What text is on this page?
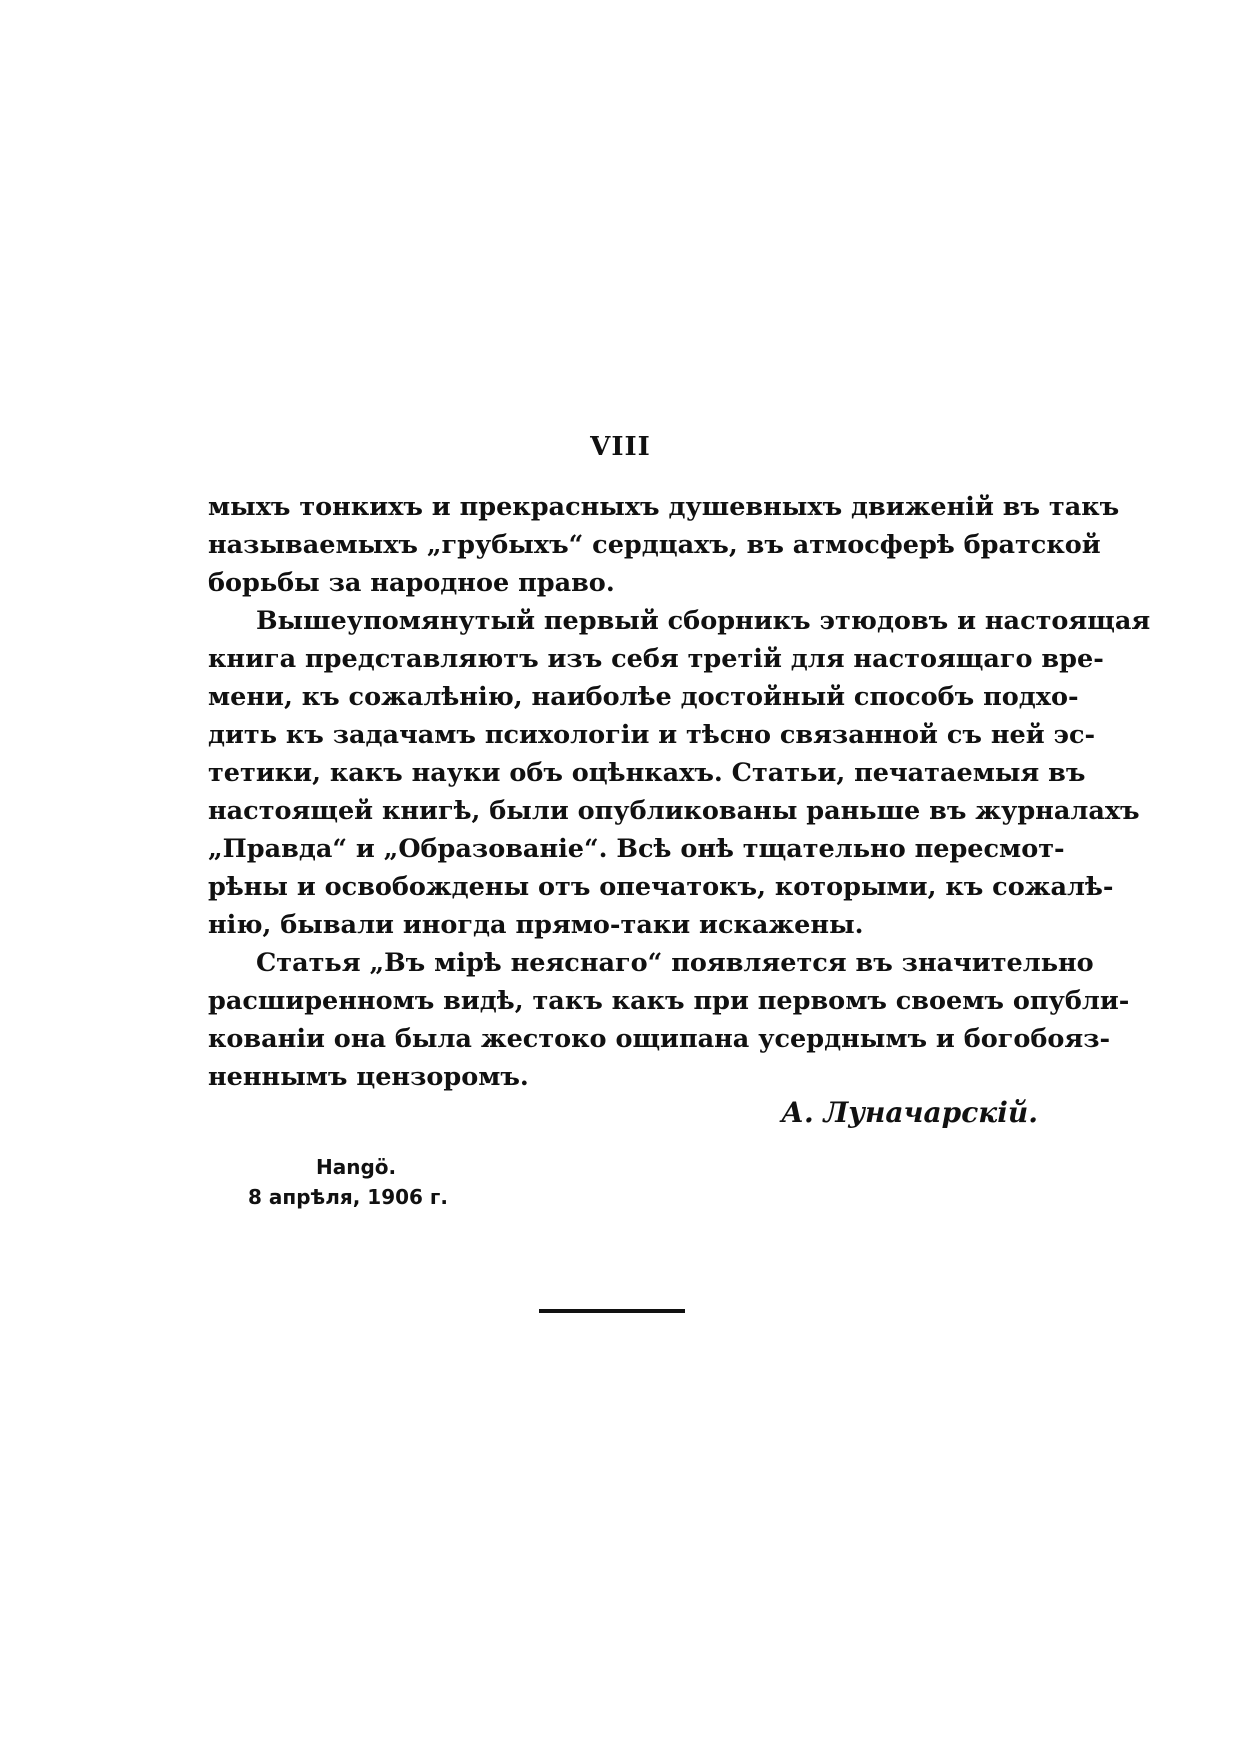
VIII
мыхъ тонкихъ и прекрасныхъ душевныхъ движеній въ такъ
называемыхъ „грубыхъ“ сердцахъ, въ атмосферѣ братской
борьбы за народное право.
Вышеупомянутый первый сборникъ этюдовъ и настоящая
книга представляютъ изъ себя третій для настоящаго вре-
мени, къ сожалѣнію, наиболѣе достойный способъ подхо-
дить къ задачамъ психологіи и тѣсно связанной съ ней эс-
тетики, какъ науки объ оцѣнкахъ. Статьи, печатаемыя въ
настоящей книгѣ, были опубликованы раньше въ журналахъ
„Правда“ и „Образованіе“. Всѣ онѣ тщательно пересмот-
рѣны и освобождены отъ опечатокъ, которыми, къ сожалѣ-
нію, бывали иногда прямо-таки искажены.
Статья „Въ мірѣ неяснаго“ появляется въ значительно
расширенномъ видѣ, такъ какъ при первомъ своемъ опубли-
кованіи она была жестоко ощипана усерднымъ и богобояз-
неннымъ цензоромъ.
А. Луначарскій.
Hangö.
8 апрѣля, 1906 г.
